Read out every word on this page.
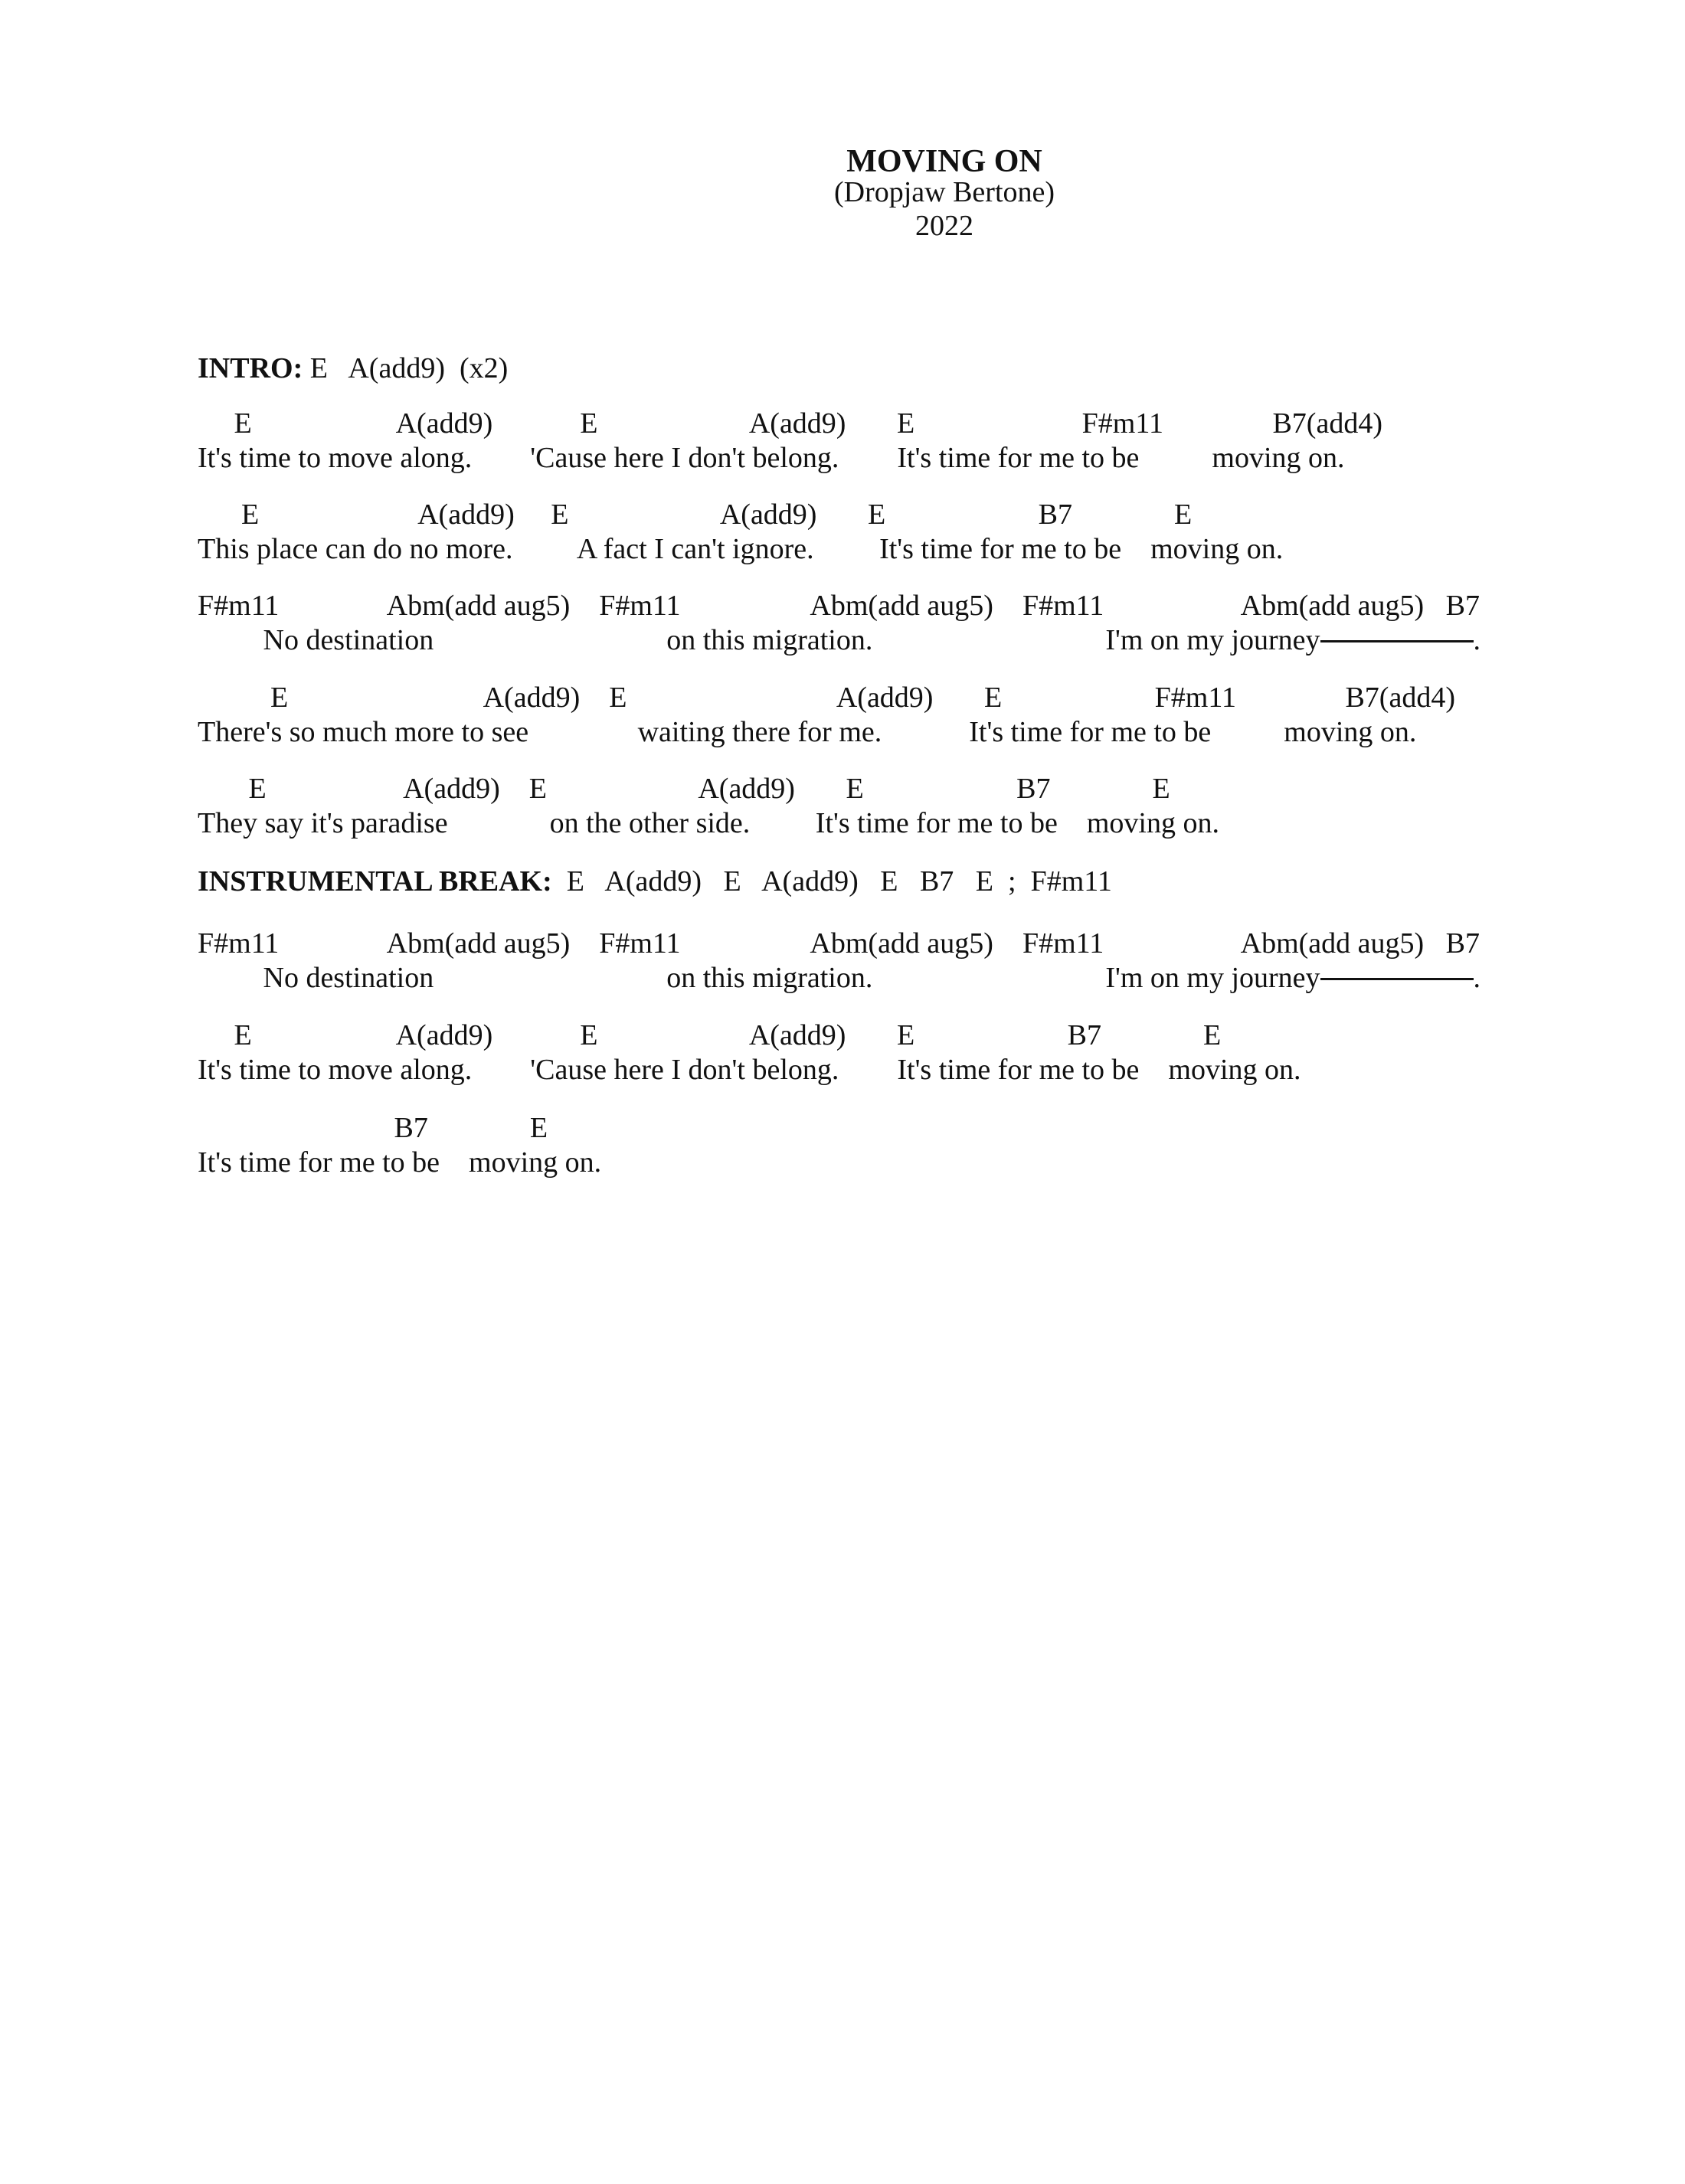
MOVING ON
(Dropjaw Bertone)
2022
INTRO: E   A(add9)  (x2)
E                    A(add9)            E                     A(add9)       E                       F#m11               B7(add4)
It's time to move along.        'Cause here I don't belong.        It's time for me to be          moving on.
E                      A(add9)     E                     A(add9)       E                     B7              E
This place can do no more.         A fact I can't ignore.         It's time for me to be    moving on.
F#m11               Abm(add aug5)    F#m11                  Abm(add aug5)    F#m11                   Abm(add aug5)   B7
No destination                                on this migration.                                I'm on my journey	.
E                           A(add9)    E                             A(add9)       E                     F#m11               B7(add4)
There's so much more to see               waiting there for me.            It's time for me to be          moving on.
E                   A(add9)    E                     A(add9)       E                     B7              E
They say it's paradise              on the other side.         It's time for me to be    moving on.
INSTRUMENTAL BREAK:  E   A(add9)   E   A(add9)   E   B7   E  ;  F#m11
F#m11               Abm(add aug5)    F#m11                  Abm(add aug5)    F#m11                   Abm(add aug5)   B7
No destination                                on this migration.                                I'm on my journey	.
E                    A(add9)            E                     A(add9)       E                     B7              E
It's time to move along.        'Cause here I don't belong.        It's time for me to be    moving on.
B7              E
It's time for me to be    moving on.
